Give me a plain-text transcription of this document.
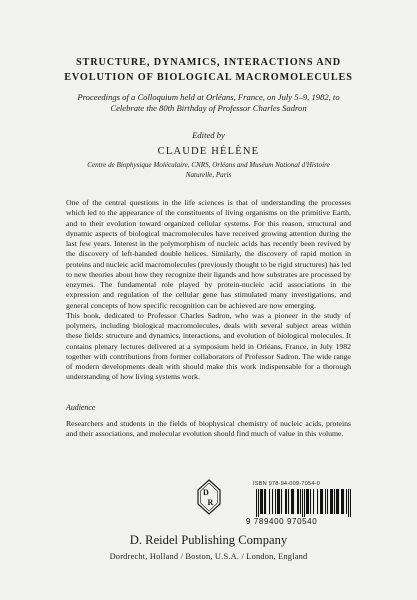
STRUCTURE, DYNAMICS, INTERACTIONS AND
EVOLUTION OF BIOLOGICAL MACROMOLECULES
Proceedings of a Colloquium held at Orléans, France, on July 5–9, 1982, to
Celebrate the 80th Birthday of Professor Charles Sadron
Edited by
CLAUDE HÉLÈNE
Centre de Biophysique Moléculaire, CNRS, Orléans and Muséum National d'Histoire
Naturelle, Paris

One of the central questions in the life sciences is that of understanding the processes which led to the appearance of the constituents of living organisms on the primitive Earth, and to their evolution toward organized cellular systems. For this reason, structural and dynamic aspects of biological macromolecules have received growing attention during the last few years. Interest in the polymorphism of nucleic acids has recently been revived by the discovery of left-handed double helices. Similarly, the discovery of rapid motion in proteins and nucleic acid macromolecules (previously thought to be rigid structures) has led to new theories about how they recognize their ligands and how substrates are processed by enzymes. The fundamental role played by protein-nucleic acid associations in the expression and regulation of the cellular gene has stimulated many investigations, and general concepts of how specific recognition can be achieved are now emerging.

This book, dedicated to Professor Charles Sadron, who was a pioneer in the study of polymers, including biological macromolecules, deals with several subject areas within these fields: structure and dynamics, interactions, and evolution of biological molecules. It contains plenary lectures delivered at a symposium held in Orléans, France, in July 1982 together with contributions from former collaborators of Professor Sadron. The wide range of modern developments dealt with should make this work indispensable for a thorough understanding of how living systems work.

Audience

Researchers and students in the fields of biophysical chemistry of nucleic acids, proteins and their associations, and molecular evolution should find much of value in this volume.

D
R
ISBN 978-94-009-7054-0
9 789400 970540
D. Reidel Publishing Company
Dordrecht, Holland / Boston, U.S.A. / London, England
